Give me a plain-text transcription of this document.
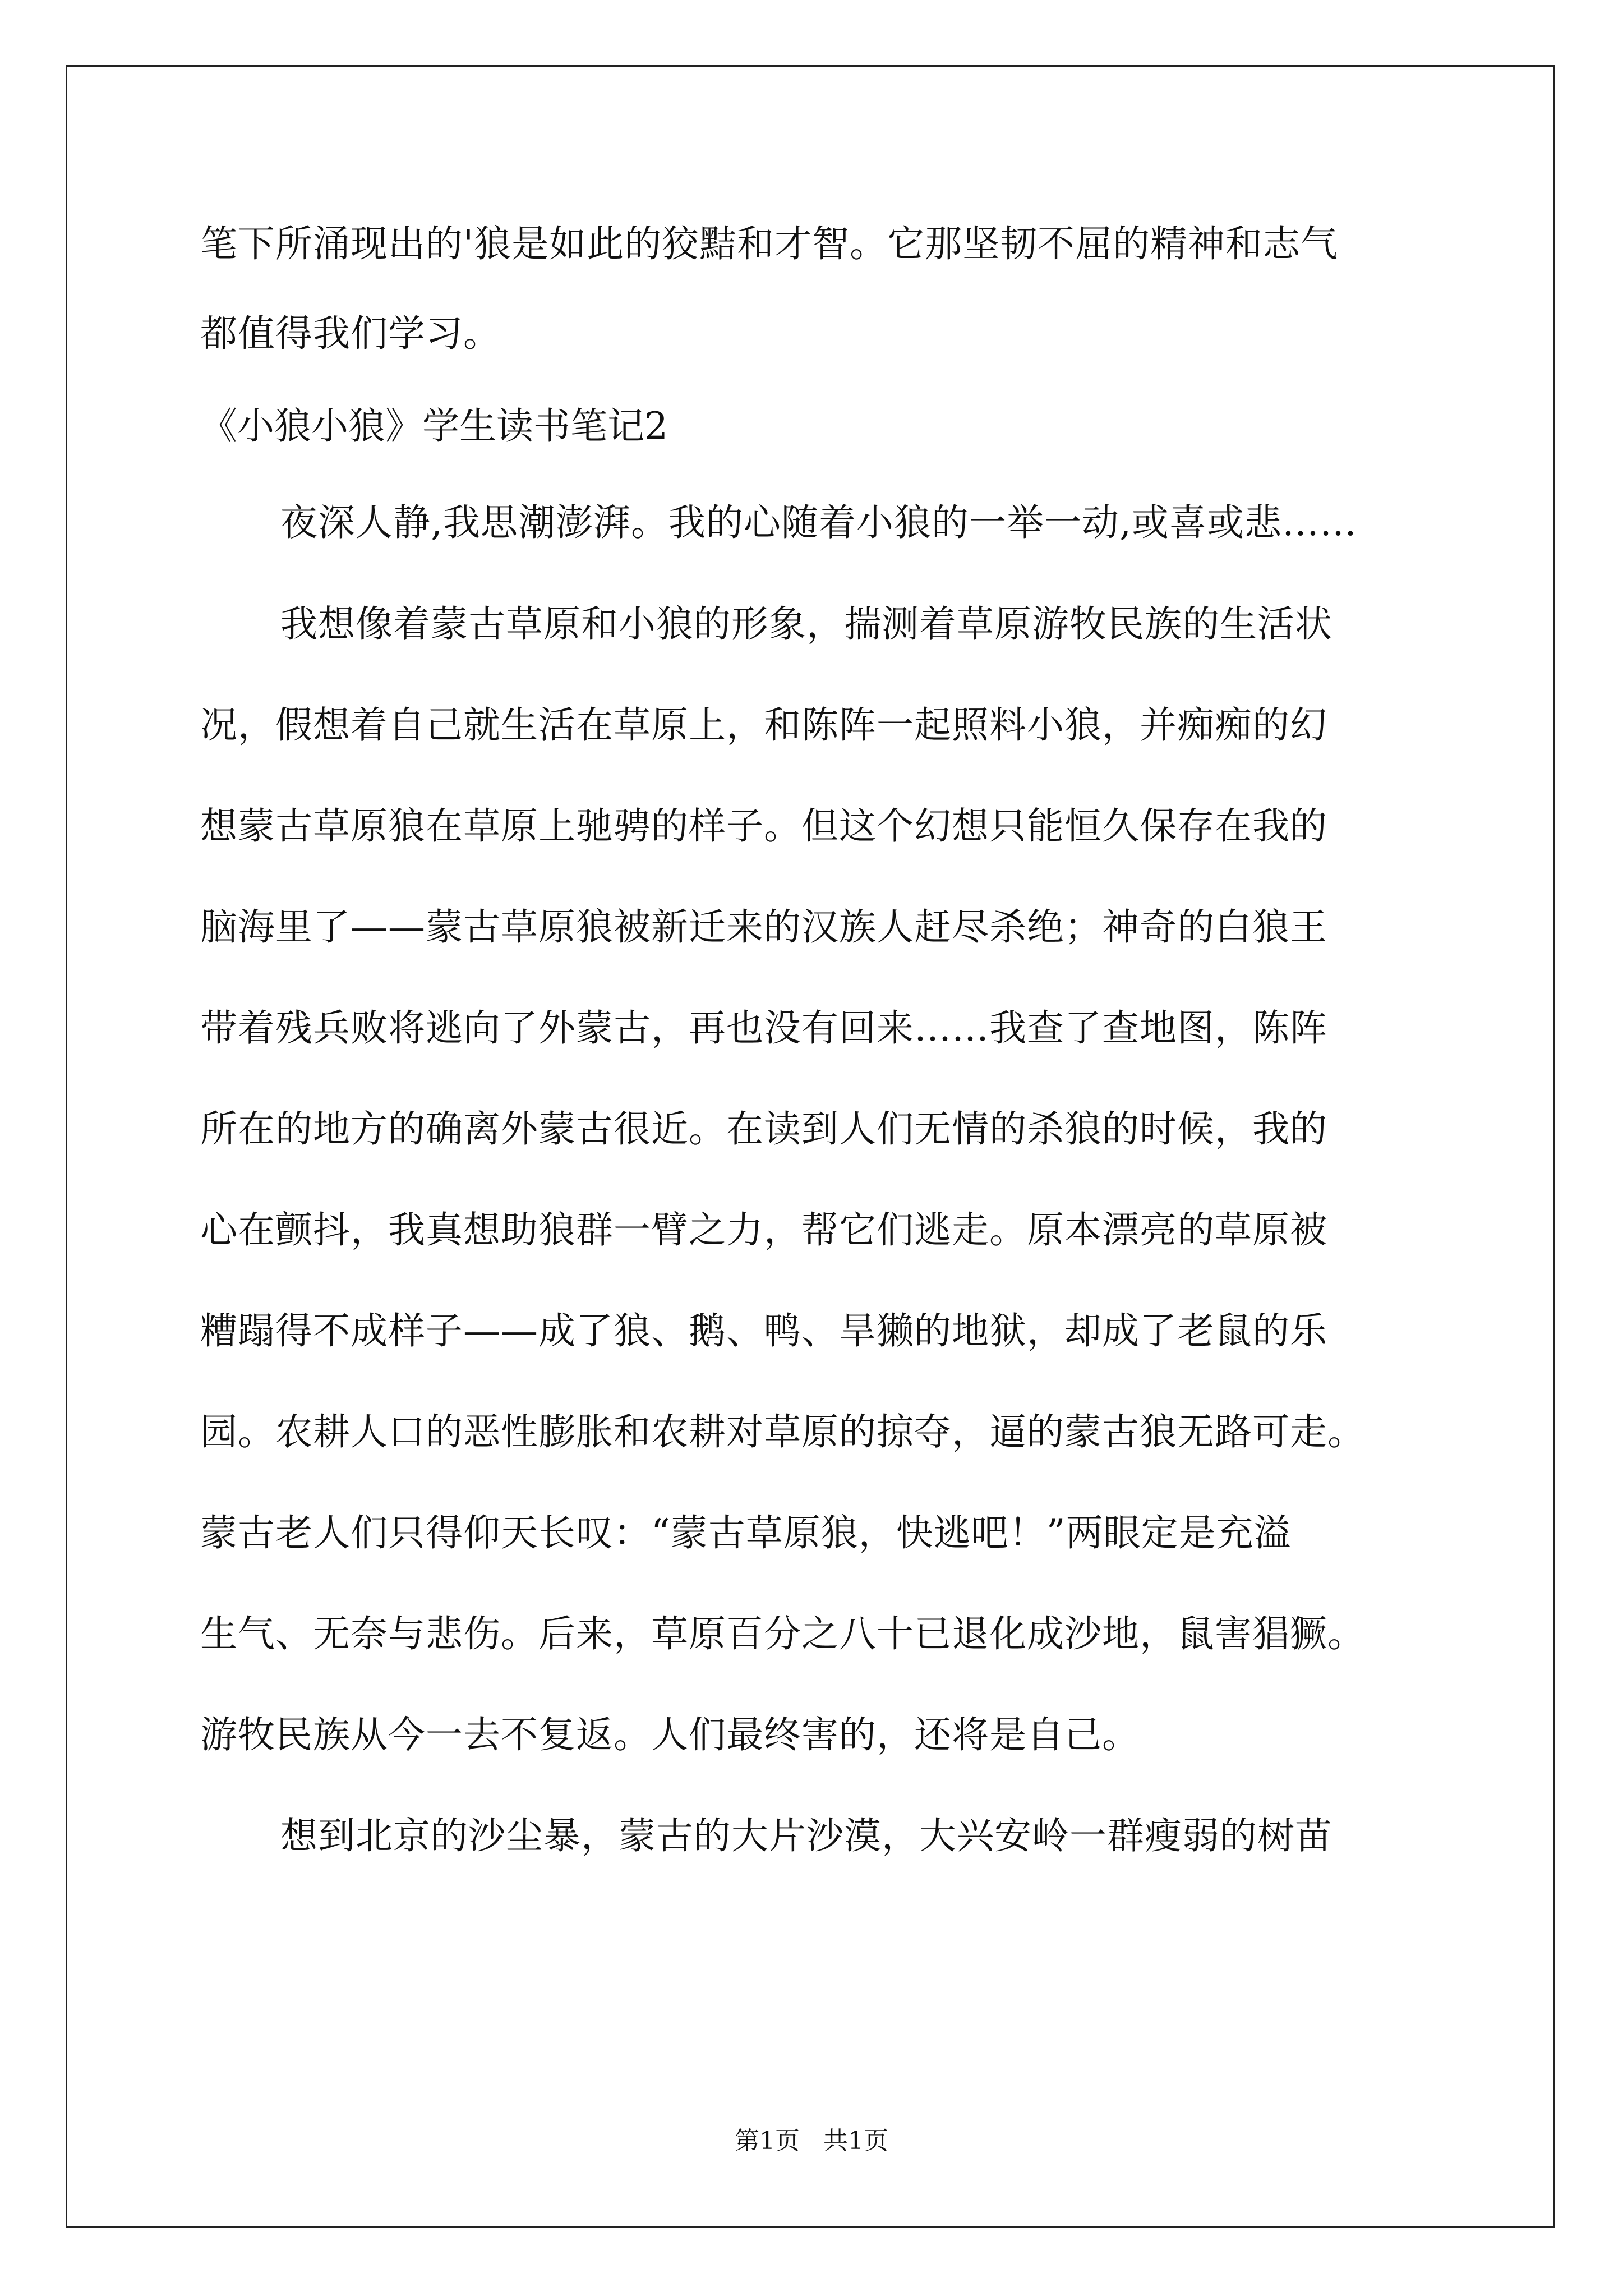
笔下所涌现出的'狼是如此的狡黠和才智。它那坚韧不屈的精神和志气
都值得我们学习。
《小狼小狼》学生读书笔记2
夜深人静,我思潮澎湃。我的心随着小狼的一举一动,或喜或悲……
我想像着蒙古草原和小狼的形象，揣测着草原游牧民族的生活状
况，假想着自己就生活在草原上，和陈阵一起照料小狼，并痴痴的幻
想蒙古草原狼在草原上驰骋的样子。但这个幻想只能恒久保存在我的
脑海里了——蒙古草原狼被新迁来的汉族人赶尽杀绝；神奇的白狼王
带着残兵败将逃向了外蒙古，再也没有回来……我查了查地图，陈阵
所在的地方的确离外蒙古很近。在读到人们无情的杀狼的时候，我的
心在颤抖，我真想助狼群一臂之力，帮它们逃走。原本漂亮的草原被
糟蹋得不成样子——成了狼、鹅、鸭、旱獭的地狱，却成了老鼠的乐
园。农耕人口的恶性膨胀和农耕对草原的掠夺，逼的蒙古狼无路可走。
蒙古老人们只得仰天长叹：“蒙古草原狼，快逃吧！”两眼定是充溢
生气、无奈与悲伤。后来，草原百分之八十已退化成沙地，鼠害猖獗。
游牧民族从今一去不复返。人们最终害的，还将是自己。
想到北京的沙尘暴，蒙古的大片沙漠，大兴安岭一群瘦弱的树苗
第1页   共1页
